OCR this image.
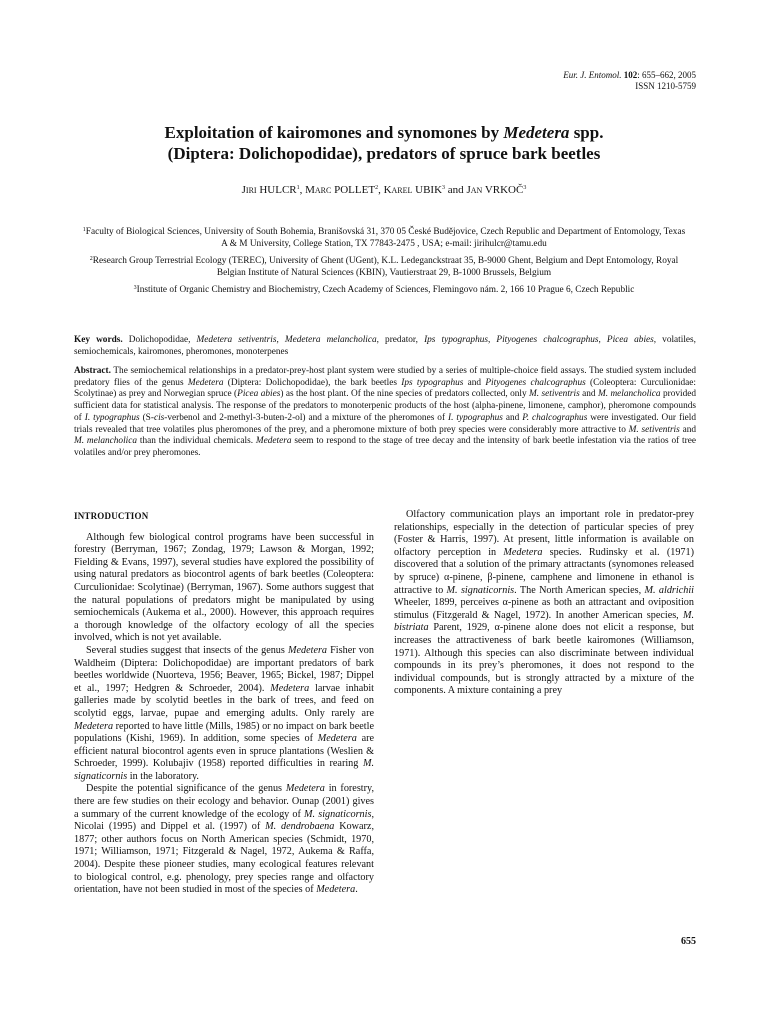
Eur. J. Entomol. 102: 655–662, 2005
ISSN 1210-5759
Exploitation of kairomones and synomones by Medetera spp.
(Diptera: Dolichopodidae), predators of spruce bark beetles
Jiri HULCR$^1$, Marc POLLET$^2$, Karel UBIK$^3$ and Jan VRKOČ$^3$
$^1$Faculty of Biological Sciences, University of South Bohemia, Branišovská 31, 370 05 České Budějovice, Czech Republic and Department of Entomology, Texas A & M University, College Station, TX 77843-2475 , USA; e-mail: jirihulcr@tamu.edu
$^2$Research Group Terrestrial Ecology (TEREC), University of Ghent (UGent), K.L. Ledeganckstraat 35, B-9000 Ghent, Belgium and Dept Entomology, Royal Belgian Institute of Natural Sciences (KBIN), Vautierstraat 29, B-1000 Brussels, Belgium
$^3$Institute of Organic Chemistry and Biochemistry, Czech Academy of Sciences, Flemingovo nám. 2, 166 10 Prague 6, Czech Republic
Key words. Dolichopodidae, Medetera setiventris, Medetera melancholica, predator, Ips typographus, Pityogenes chalcographus, Picea abies, volatiles, semiochemicals, kairomones, pheromones, monoterpenes
Abstract. The semiochemical relationships in a predator-prey-host plant system were studied by a series of multiple-choice field assays. The studied system included predatory flies of the genus Medetera (Diptera: Dolichopodidae), the bark beetles Ips typographus and Pityogenes chalcographus (Coleoptera: Curculionidae: Scolytinae) as prey and Norwegian spruce (Picea abies) as the host plant. Of the nine species of predators collected, only M. setiventris and M. melancholica provided sufficient data for statistical analysis. The response of the predators to monoterpenic products of the host (alpha-pinene, limonene, camphor), pheromone compounds of I. typographus (S-cis-verbenol and 2-methyl-3-buten-2-ol) and a mixture of the pheromones of I. typographus and P. chalcographus were investigated. Our field trials revealed that tree volatiles plus pheromones of the prey, and a pheromone mixture of both prey species were considerably more attractive to M. setiventris and M. melancholica than the individual chemicals. Medetera seem to respond to the stage of tree decay and the intensity of bark beetle infestation via the ratios of tree volatiles and/or prey pheromones.
INTRODUCTION

Although few biological control programs have been successful in forestry (Berryman, 1967; Zondag, 1979; Lawson & Morgan, 1992; Fielding & Evans, 1997), several studies have explored the possibility of using natural predators as biocontrol agents of bark beetles (Coleoptera: Curculionidae: Scolytinae) (Berryman, 1967). Some authors suggest that the natural populations of predators might be manipulated by using semiochemicals (Aukema et al., 2000). However, this approach requires a thorough knowledge of the olfactory ecology of all the species involved, which is not yet available.

Several studies suggest that insects of the genus Medetera Fisher von Waldheim (Diptera: Dolichopodidae) are important predators of bark beetles worldwide (Nuorteva, 1956; Beaver, 1965; Bickel, 1987; Dippel et al., 1997; Hedgren & Schroeder, 2004). Medetera larvae inhabit galleries made by scolytid beetles in the bark of trees, and feed on scolytid eggs, larvae, pupae and emerging adults. Only rarely are Medetera reported to have little (Mills, 1985) or no impact on bark beetle populations (Kishi, 1969). In addition, some species of Medetera are efficient natural biocontrol agents even in spruce plantations (Weslien & Schroeder, 1999). Kolubajiv (1958) reported difficulties in rearing M. signaticornis in the laboratory.

Despite the potential significance of the genus Medetera in forestry, there are few studies on their ecology and behavior. Ounap (2001) gives a summary of the current knowledge of the ecology of M. signaticornis, Nicolai (1995) and Dippel et al. (1997) of M. dendrobaena Kowarz, 1877; other authors focus on North American species (Schmidt, 1970, 1971; Williamson, 1971; Fitzgerald & Nagel, 1972, Aukema & Raffa, 2004). Despite these pioneer studies, many ecological features relevant to biological control, e.g. phenology, prey species range and olfactory orientation, have not been studied in most of the species of Medetera.

Olfactory communication plays an important role in predator-prey relationships, especially in the detection of particular species of prey (Foster & Harris, 1997). At present, little information is available on olfactory perception in Medetera species. Rudinsky et al. (1971) discovered that a solution of the primary attractants (synomones released by spruce) α-pinene, β-pinene, camphene and limonene in ethanol is attractive to M. signaticornis. The North American species, M. aldrichii Wheeler, 1899, perceives α-pinene as both an attractant and oviposition stimulus (Fitzgerald & Nagel, 1972). In another American species, M. bistriata Parent, 1929, α-pinene alone does not elicit a response, but increases the attractiveness of bark beetle kairomones (Williamson, 1971). Although this species can also discriminate between individual compounds in its prey’s pheromones, it does not respond to the individual compounds, but is strongly attracted by a mixture of the components. A mixture containing a prey

655
